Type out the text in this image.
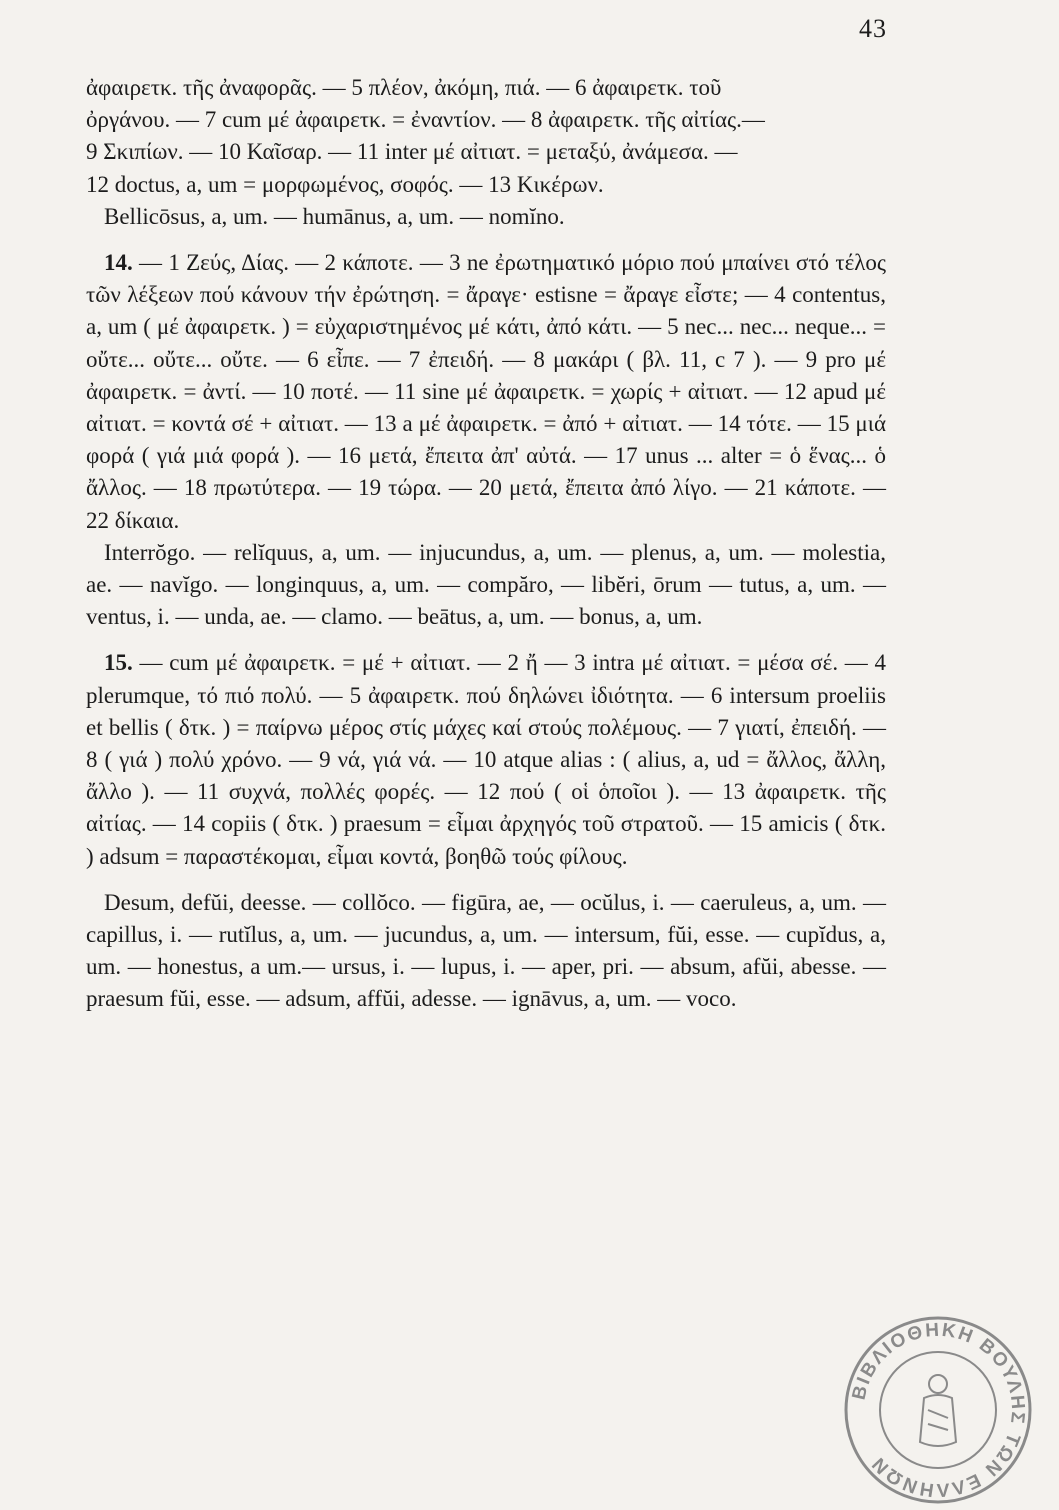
43

ἀφαιρετκ. τῆς ἀναφορᾶς. — 5 πλέον, ἀκόμη, πιά. — 6 ἀφαιρετκ. τοῦ

ὀργάνου. — 7 cum μέ ἀφαιρετκ. = ἐναντίον. — 8 ἀφαιρετκ. τῆς αἰτίας.—

9 Σκιπίων. — 10 Καῖσαρ. — 11 inter μέ αἰτιατ. = μεταξύ, ἀνάμεσα. —

12 doctus, a, um = μορφωμένος, σοφός. — 13 Κικέρων.

Bellicōsus, a, um. — humānus, a, um. — nomĭno.

14. — 1 Ζεύς, Δίας. — 2 κάποτε. — 3 ne ἐρωτηματικό μόριο πού μπαίνει στό τέλος τῶν λέξεων πού κάνουν τήν ἐρώτηση. = ἄραγε· estisne = ἄραγε εἶστε; — 4 contentus, a, um ( μέ ἀφαιρετκ. ) = εὐχαριστημένος μέ κάτι, ἀπό κάτι. — 5 nec... nec... neque... = οὔτε... οὔτε... οὔτε. — 6 εἶπε. — 7 ἐπειδή. — 8 μακάρι ( βλ. 11, c 7 ). — 9 pro μέ ἀφαιρετκ. = ἀντί. — 10 ποτέ. — 11 sine μέ ἀφαιρετκ. = χωρίς + αἰτιατ. — 12 apud μέ αἰτιατ. = κοντά σέ + αἰτιατ. — 13 a μέ ἀφαιρετκ. = ἀπό + αἰτιατ. — 14 τότε. — 15 μιά φορά ( γιά μιά φορά ). — 16 μετά, ἔπειτα ἀπ' αὐτά. — 17 unus ... alter = ὁ ἕνας... ὁ ἄλλος. — 18 πρωτύτερα. — 19 τώρα. — 20 μετά, ἔπειτα ἀπό λίγο. — 21 κάποτε. — 22 δίκαια.

Interrŏgo. — relĭquus, a, um. — injucundus, a, um. — plenus, a, um. — molestia, ae. — navĭgo. — longinquus, a, um. — compăro, — libĕri, ōrum — tutus, a, um. — ventus, i. — unda, ae. — clamo. — beātus, a, um. — bonus, a, um.

15. — cum μέ ἀφαιρετκ. = μέ + αἰτιατ. — 2 ἤ — 3 intra μέ αἰτιατ. = μέσα σέ. — 4 plerumque, τό πιό πολύ. — 5 ἀφαιρετκ. πού δηλώνει ἰδιότητα. — 6 intersum proeliis et bellis ( δτκ. ) = παίρνω μέρος στίς μάχες καί στούς πολέμους. — 7 γιατί, ἐπειδή. — 8 ( γιά ) πολύ χρόνο. — 9 νά, γιά νά. — 10 atque alias : ( alius, a, ud = ἄλλος, ἄλλη, ἄλλο ). — 11 συχνά, πολλές φορές. — 12 πού ( οἱ ὁποῖοι ). — 13 ἀφαιρετκ. τῆς αἰτίας. — 14 copiis ( δτκ. ) praesum = εἶμαι ἀρχηγός τοῦ στρατοῦ. — 15 amicis ( δτκ. ) adsum = παραστέκομαι, εἶμαι κοντά, βοηθῶ τούς φίλους.

Desum, defŭi, deesse. — collŏco. — figūra, ae, — ocŭlus, i. — caeruleus, a, um. — capillus, i. — rutĭlus, a, um. — jucundus, a, um. — intersum, fŭi, esse. — cupĭdus, a, um. — honestus, a um.— ursus, i. — lupus, i. — aper, pri. — absum, afŭi, abesse. — praesum fŭi, esse. — adsum, affŭi, adesse. — ignāvus, a, um. — voco.

ΒΙΒΛΙΟΘΗΚΗ ΒΟΥΛΗΣ ΤΩΝ ΕΛΛΗΝΩΝ
